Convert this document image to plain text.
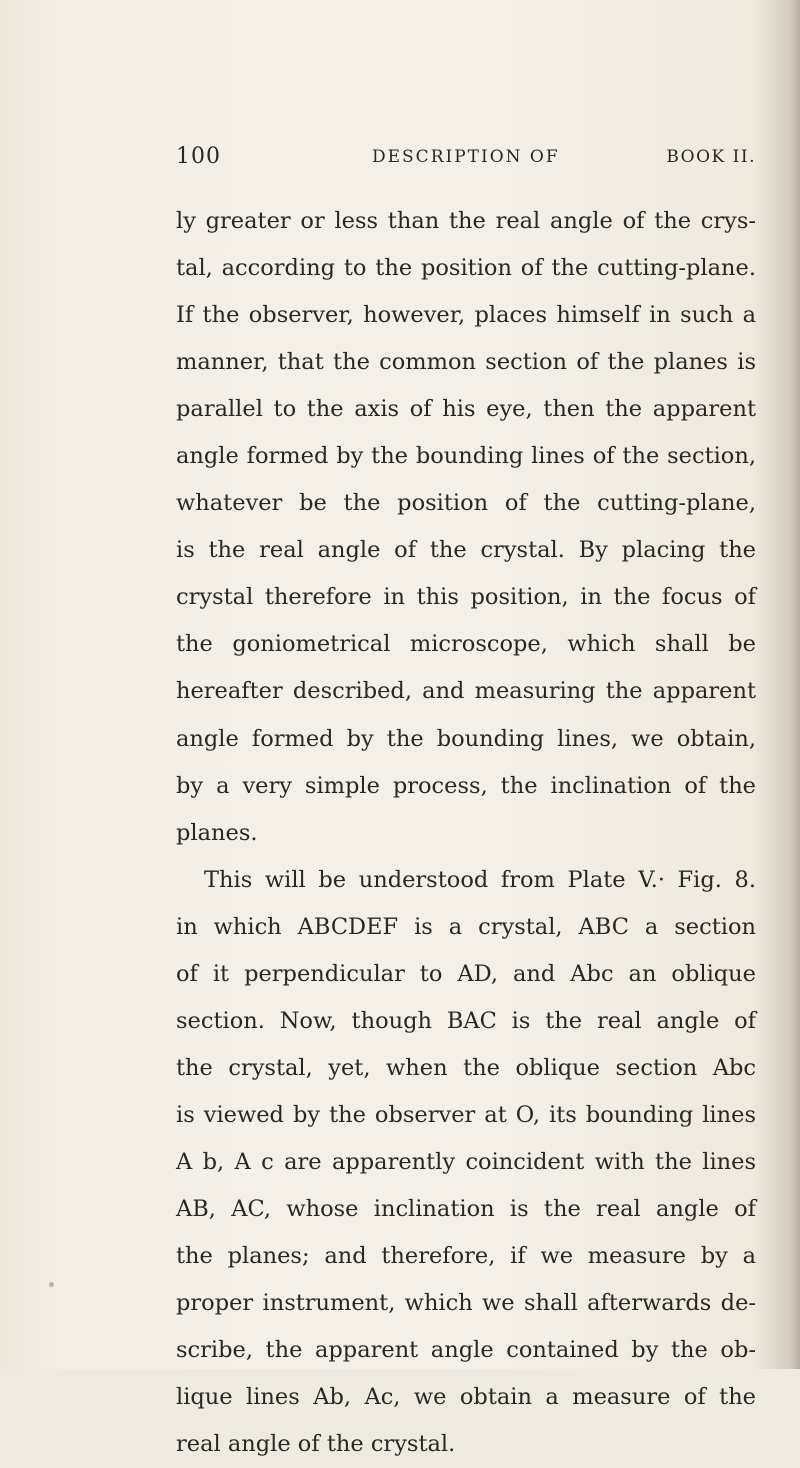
100	DESCRIPTION OF	BOOK II.
ly greater or less than the real angle of the crys-
tal, according to the position of the cutting-plane.
If the observer, however, places himself in such a
manner, that the common section of the planes is
parallel to the axis of his eye, then the apparent
angle formed by the bounding lines of the section,
whatever be the position of the cutting-plane,
is the real angle of the crystal. By placing the
crystal therefore in this position, in the focus of
the goniometrical microscope, which shall be
hereafter described, and measuring the apparent
angle formed by the bounding lines, we obtain,
by a very simple process, the inclination of the
planes.
This will be understood from Plate V.· Fig. 8.
in which ABCDEF is a crystal, ABC a section
of it perpendicular to AD, and Abc an oblique
section. Now, though BAC is the real angle of
the crystal, yet, when the oblique section Abc
is viewed by the observer at O, its bounding lines
A b, A c are apparently coincident with the lines
AB, AC, whose inclination is the real angle of
the planes; and therefore, if we measure by a
proper instrument, which we shall afterwards de-
scribe, the apparent angle contained by the ob-
lique lines Ab, Ac, we obtain a measure of the
real angle of the crystal.
